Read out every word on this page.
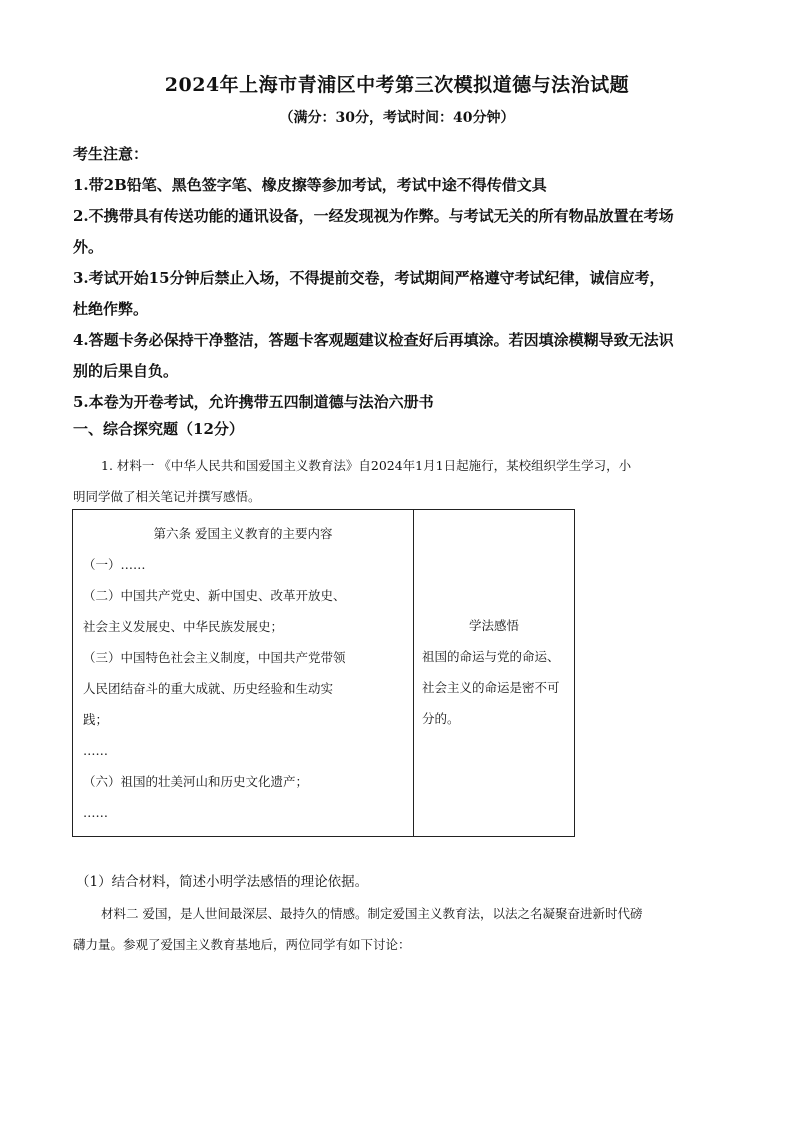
2024年上海市青浦区中考第三次模拟道德与法治试题
（满分：30分，考试时间：40分钟）

考生注意：

1.带2B铅笔、黑色签字笔、橡皮擦等参加考试，考试中途不得传借文具

2.不携带具有传送功能的通讯设备，一经发现视为作弊。与考试无关的所有物品放置在考场

外。

3.考试开始15分钟后禁止入场，不得提前交卷，考试期间严格遵守考试纪律，诚信应考，

杜绝作弊。

4.答题卡务必保持干净整洁，答题卡客观题建议检查好后再填涂。若因填涂模糊导致无法识

别的后果自负。

5.本卷为开卷考试，允许携带五四制道德与法治六册书

一、综合探究题（12分）
1. 材料一 《中华人民共和国爱国主义教育法》自2024年1月1日起施行，某校组织学生学习，小
明同学做了相关笔记并撰写感悟。
第六条 爱国主义教育的主要内容
（一）……
（二）中国共产党史、新中国史、改革开放史、
社会主义发展史、中华民族发展史；
（三）中国特色社会主义制度，中国共产党带领
人民团结奋斗的重大成就、历史经验和生动实
践；
……
（六）祖国的壮美河山和历史文化遗产；
……

学法感悟
祖国的命运与党的命运、
社会主义的命运是密不可
分的。
（1）结合材料，简述小明学法感悟的理论依据。
材料二 爱国，是人世间最深层、最持久的情感。制定爱国主义教育法，以法之名凝聚奋进新时代磅
礴力量。参观了爱国主义教育基地后，两位同学有如下讨论：
